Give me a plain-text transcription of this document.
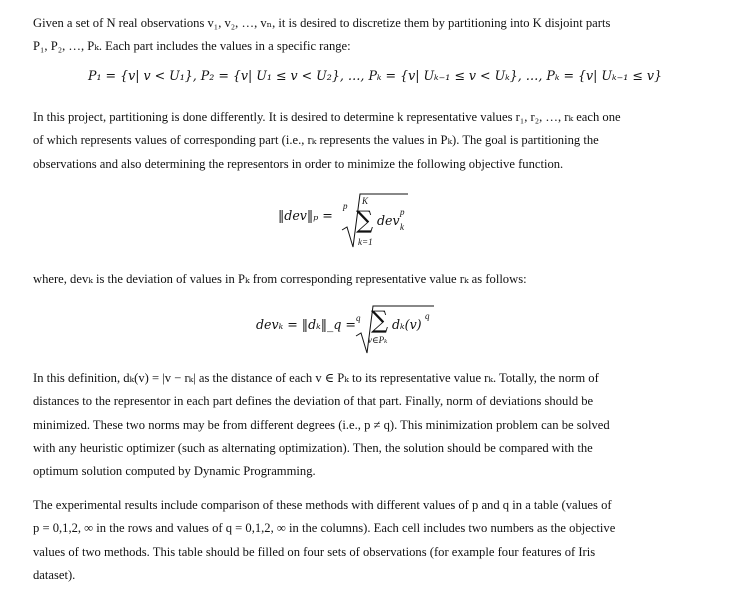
Given a set of N real observations v₁, v₂, …, vₙ, it is desired to discretize them by partitioning into K disjoint parts
P₁, P₂, …, Pₖ. Each part includes the values in a specific range:

P₁ = {v| v < U₁}, P₂ = {v| U₁ ≤ v < U₂}, …, Pₖ = {v| Uₖ₋₁ ≤ v < Uₖ}, …, Pₖ = {v| Uₖ₋₁ ≤ v}

In this project, partitioning is done differently. It is desired to determine k representative values r₁, r₂, …, rₖ each one
of which represents values of corresponding part (i.e., rₖ represents the values in Pₖ). The goal is partitioning the
observations and also determining the representors in order to minimize the following objective function.

‖dev‖ₚ =
p K
∑
k=1
dev
p
k

where, devₖ is the deviation of values in Pₖ from corresponding representative value rₖ as follows:

devₖ = ‖dₖ‖_q = q ∑
v∈Pₖ
dₖ(v)
q

In this definition, dₖ(v) = |v − rₖ| as the distance of each v ∈ Pₖ to its representative value rₖ. Totally, the norm of
distances to the representor in each part defines the deviation of that part. Finally, norm of deviations should be
minimized. These two norms may be from different degrees (i.e., p ≠ q). This minimization problem can be solved
with any heuristic optimizer (such as alternating optimization). Then, the solution should be compared with the
optimum solution computed by Dynamic Programming.

The experimental results include comparison of these methods with different values of p and q in a table (values of
p = 0,1,2, ∞ in the rows and values of q = 0,1,2, ∞ in the columns). Each cell includes two numbers as the objective
values of two methods. This table should be filled on four sets of observations (for example four features of Iris
dataset).
